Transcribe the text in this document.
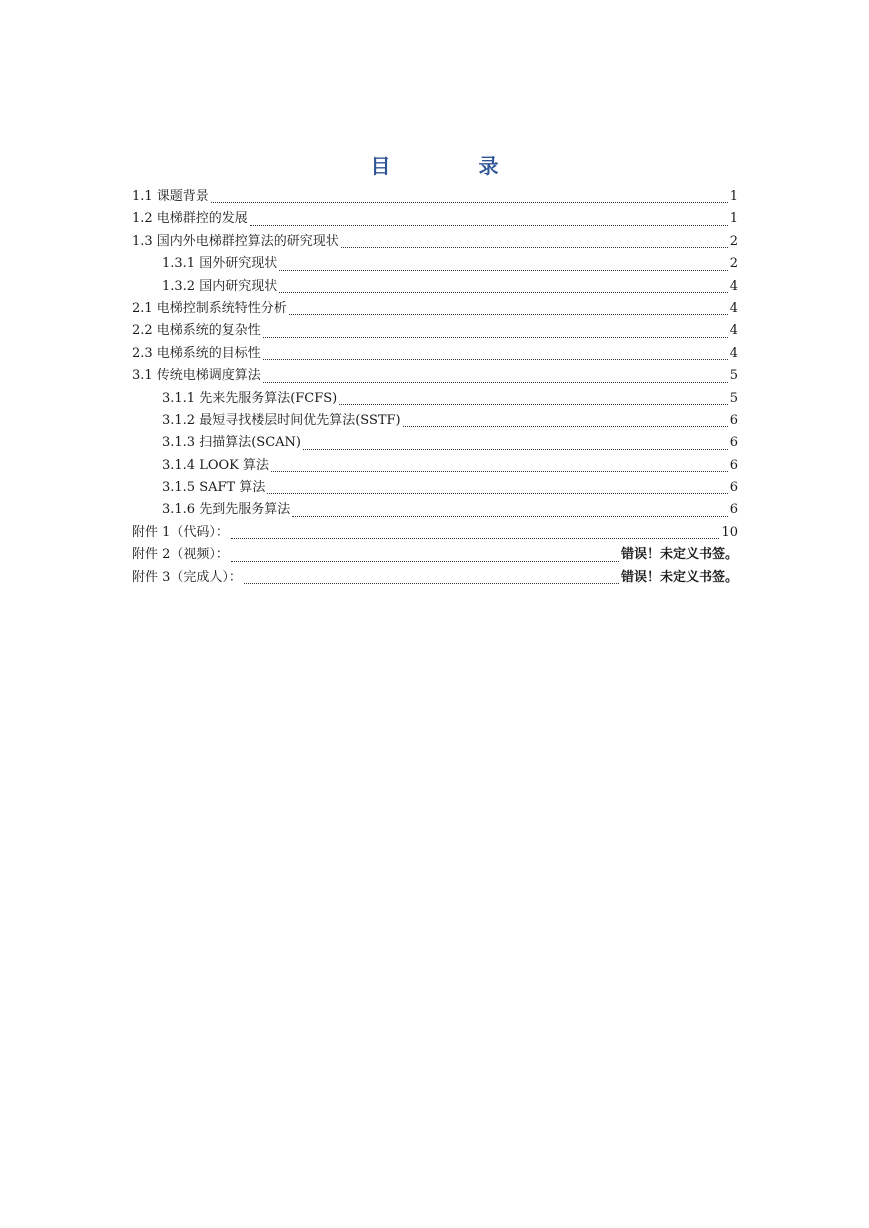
目	录
1.1 课题背景	1
1.2 电梯群控的发展	1
1.3 国内外电梯群控算法的研究现状	2
1.3.1 国外研究现状	2
1.3.2 国内研究现状	4
2.1 电梯控制系统特性分析	4
2.2 电梯系统的复杂性	4
2.3 电梯系统的目标性	4
3.1 传统电梯调度算法	5
3.1.1 先来先服务算法(FCFS)	5
3.1.2 最短寻找楼层时间优先算法(SSTF)	6
3.1.3 扫描算法(SCAN)	6
3.1.4 LOOK 算法	6
3.1.5 SAFT 算法	6
3.1.6 先到先服务算法	6
附件 1（代码）：	10
附件 2（视频）：	错误！未定义书签。
附件 3（完成人）：	错误！未定义书签。
